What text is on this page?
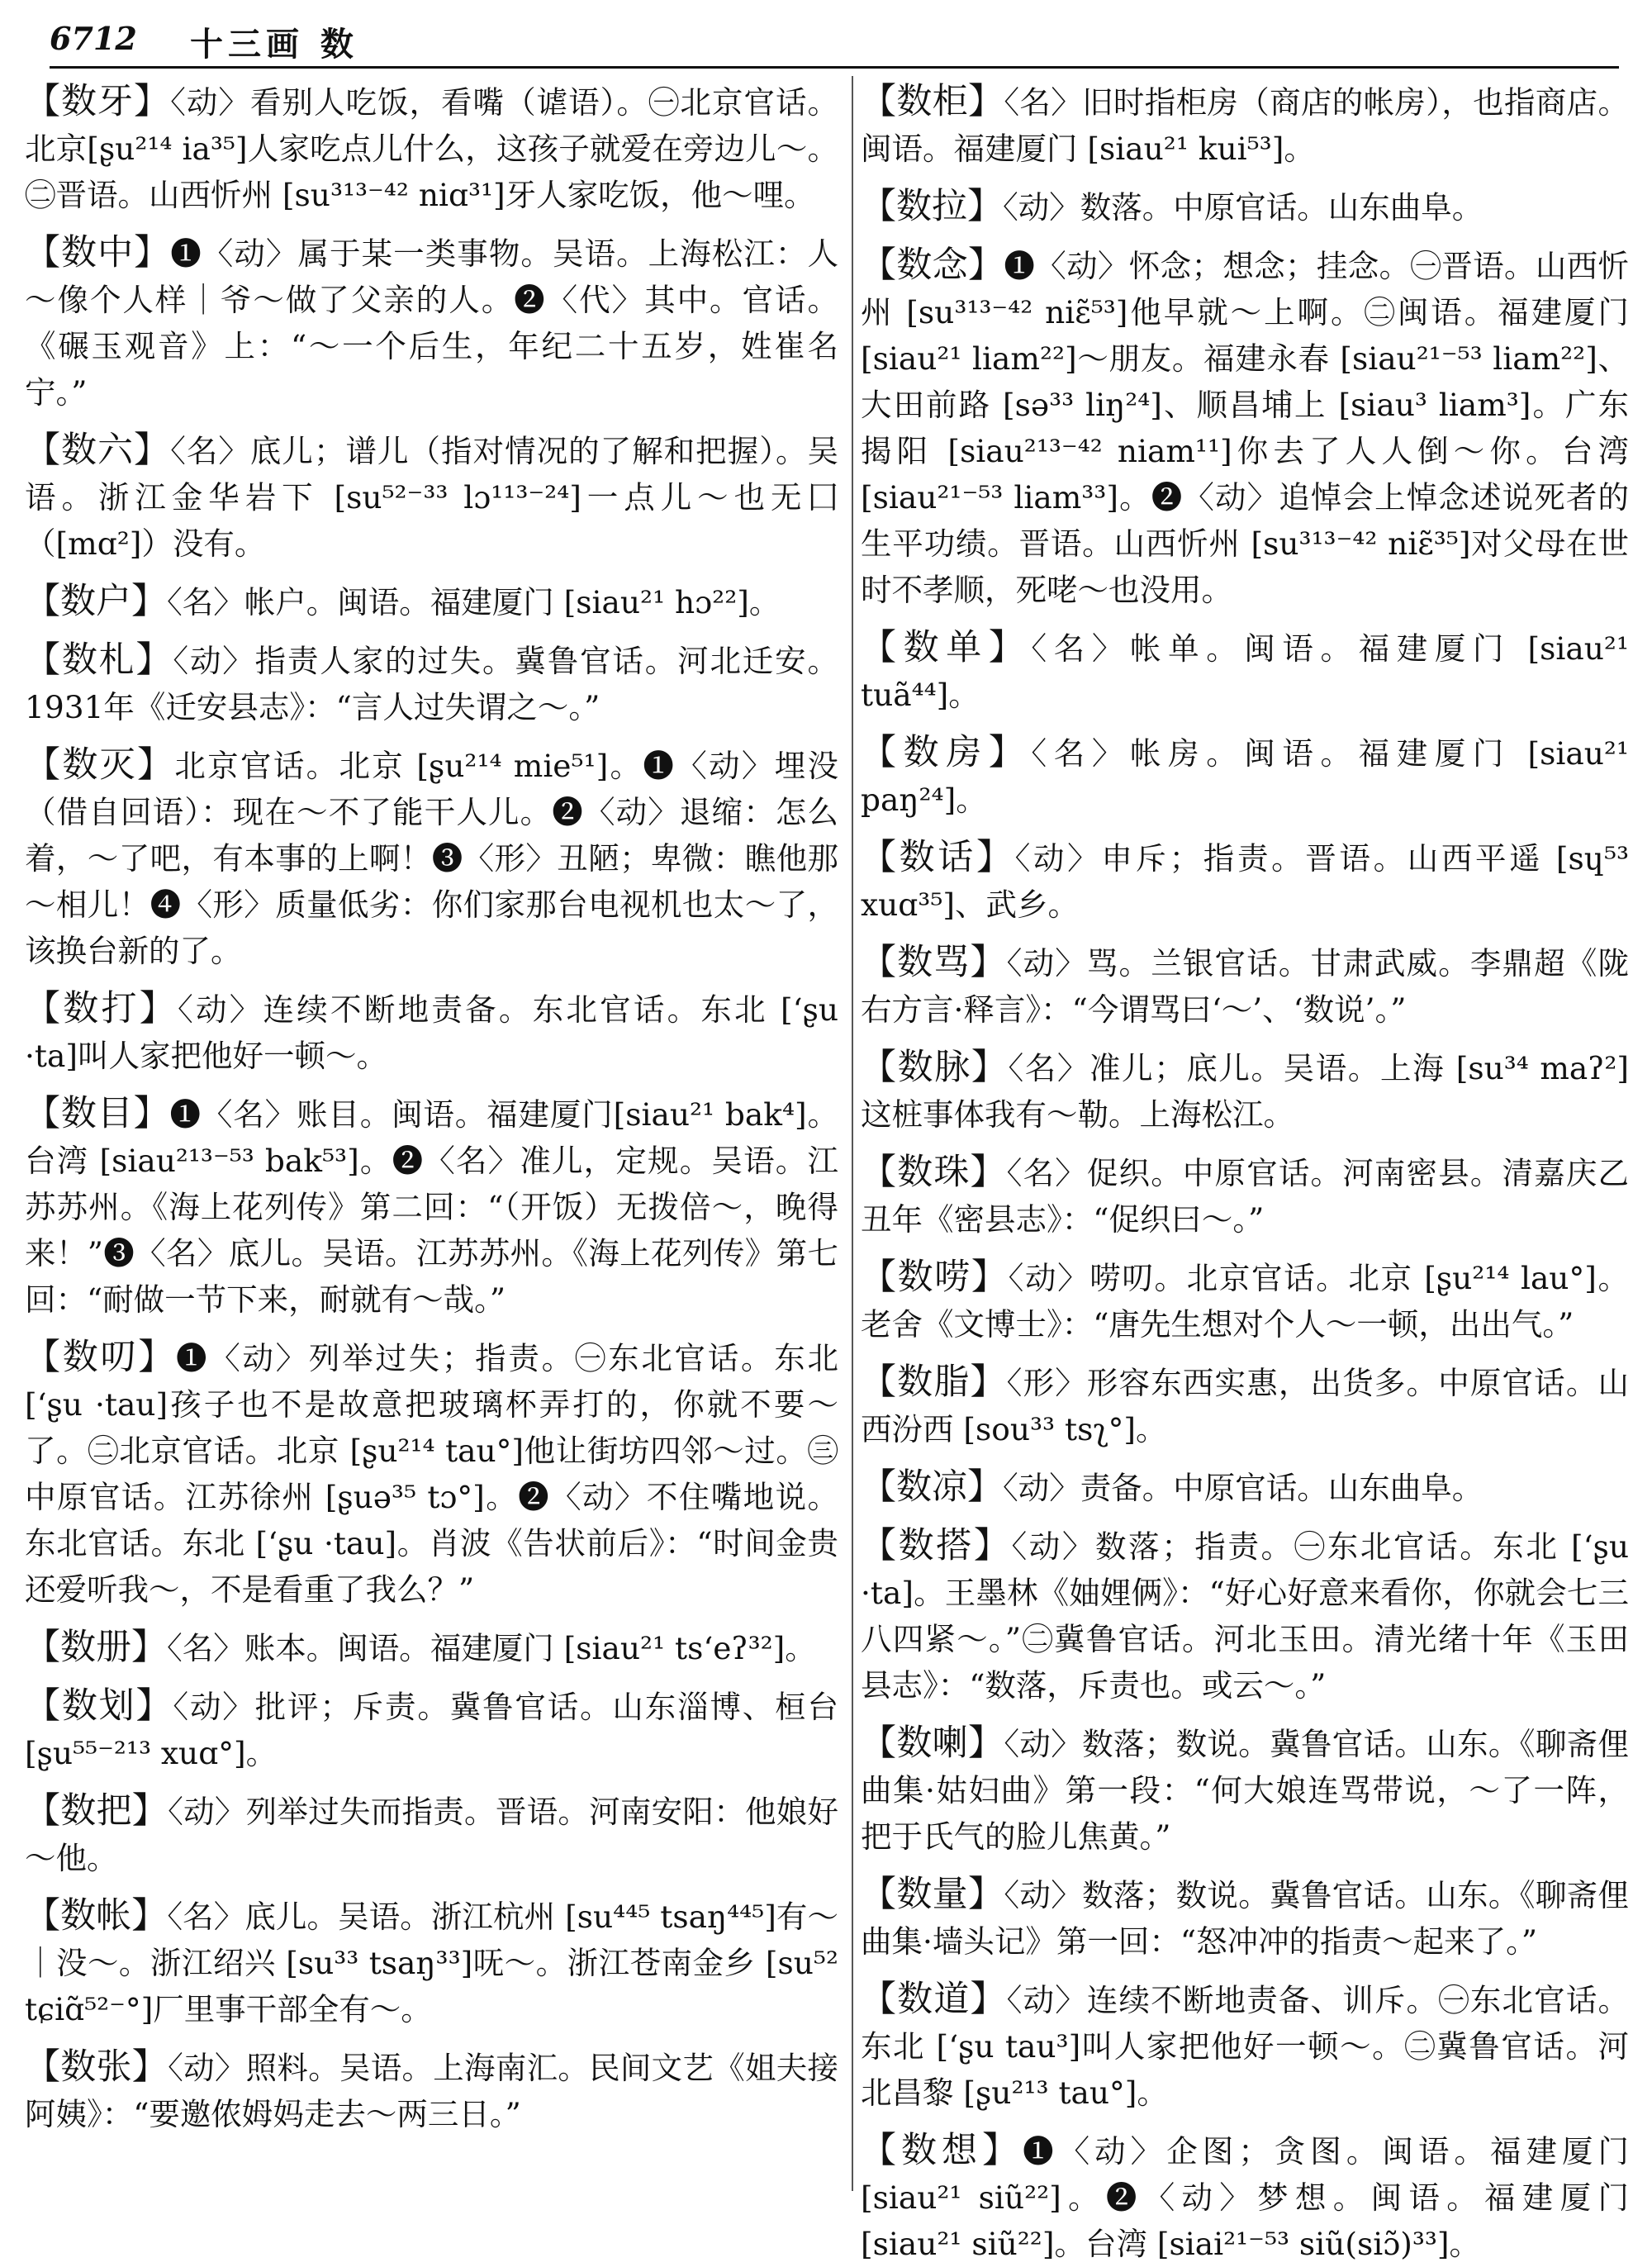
6712 十三画 数

【数牙】〈动〉看别人吃饭，看嘴（谑语）。㊀北京官话。北京[ʂu²¹⁴ ia³⁵]人家吃点儿什么，这孩子就爱在旁边儿～。㊁晋语。山西忻州 [su³¹³⁻⁴² niɑ³¹]牙人家吃饭，他～哩。

【数中】❶〈动〉属于某一类事物。吴语。上海松江：人～像个人样｜爷～做了父亲的人。❷〈代〉其中。官话。《碾玉观音》上：“～一个后生，年纪二十五岁，姓崔名宁。”

【数六】〈名〉底儿；谱儿（指对情况的了解和把握）。吴语。浙江金华岩下 [su⁵²⁻³³ lɔ¹¹³⁻²⁴]一点儿～也无囗（[mɑ²]）没有。

【数户】〈名〉帐户。闽语。福建厦门 [siau²¹ hɔ²²]。

【数札】〈动〉指责人家的过失。冀鲁官话。河北迁安。1931年《迁安县志》：“言人过失谓之～。”

【数灭】北京官话。北京 [ʂu²¹⁴ mie⁵¹]。❶〈动〉埋没（借自回语）：现在～不了能干人儿。❷〈动〉退缩：怎么着，～了吧，有本事的上啊！❸〈形〉丑陋；卑微：瞧他那～相儿！❹〈形〉质量低劣：你们家那台电视机也太～了，该换台新的了。

【数打】〈动〉连续不断地责备。东北官话。东北 [ʻʂu ·ta]叫人家把他好一顿～。

【数目】❶〈名〉账目。闽语。福建厦门[siau²¹ bak⁴]。台湾 [siau²¹³⁻⁵³ bak⁵³]。❷〈名〉准儿，定规。吴语。江苏苏州。《海上花列传》第二回：“（开饭）无拨倍～，晚得来！”❸〈名〉底儿。吴语。江苏苏州。《海上花列传》第七回：“耐做一节下来，耐就有～哉。”

【数叨】❶〈动〉列举过失；指责。㊀东北官话。东北 [ʻʂu ·tau]孩子也不是故意把玻璃杯弄打的，你就不要～了。㊁北京官话。北京 [ʂu²¹⁴ tau°]他让街坊四邻～过。㊂中原官话。江苏徐州 [ʂuə³⁵ tɔ°]。❷〈动〉不住嘴地说。东北官话。东北 [ʻʂu ·tau]。肖波《告状前后》：“时间金贵还爱听我～，不是看重了我么？”

【数册】〈名〉账本。闽语。福建厦门 [siau²¹ tsʻeʔ³²]。

【数划】〈动〉批评；斥责。冀鲁官话。山东淄博、桓台 [ʂu⁵⁵⁻²¹³ xuɑ°]。

【数把】〈动〉列举过失而指责。晋语。河南安阳：他娘好～他。

【数帐】〈名〉底儿。吴语。浙江杭州 [su⁴⁴⁵ tsaŋ⁴⁴⁵]有～｜没～。浙江绍兴 [su³³ tsaŋ³³]呒～。浙江苍南金乡 [su⁵² tɕiɑ̃⁵²⁻°]厂里事干部全有～。

【数张】〈动〉照料。吴语。上海南汇。民间文艺《姐夫接阿姨》：“要邀侬姆妈走去～两三日。”

【数柜】〈名〉旧时指柜房（商店的帐房），也指商店。闽语。福建厦门 [siau²¹ kui⁵³]。

【数拉】〈动〉数落。中原官话。山东曲阜。

【数念】❶〈动〉怀念；想念；挂念。㊀晋语。山西忻州 [su³¹³⁻⁴² niɛ̃⁵³]他早就～上啊。㊁闽语。福建厦门 [siau²¹ liam²²]～朋友。福建永春 [siau²¹⁻⁵³ liam²²]、大田前路 [sə³³ liŋ²⁴]、顺昌埔上 [siau³ liam³]。广东揭阳 [siau²¹³⁻⁴² niam¹¹]你去了人人倒～你。台湾 [siau²¹⁻⁵³ liam³³]。❷〈动〉追悼会上悼念述说死者的生平功绩。晋语。山西忻州 [su³¹³⁻⁴² niɛ̃³⁵]对父母在世时不孝顺，死咾～也没用。

【数单】〈名〉帐单。闽语。福建厦门 [siau²¹ tuã⁴⁴]。

【数房】〈名〉帐房。闽语。福建厦门 [siau²¹ paŋ²⁴]。

【数话】〈动〉申斥；指责。晋语。山西平遥 [sɥ⁵³ xuɑ³⁵]、武乡。

【数骂】〈动〉骂。兰银官话。甘肃武威。李鼎超《陇右方言·释言》：“今谓骂曰‘～’、‘数说’。”

【数脉】〈名〉准儿；底儿。吴语。上海 [su³⁴ maʔ²]这桩事体我有～勒。上海松江。

【数珠】〈名〉促织。中原官话。河南密县。清嘉庆乙丑年《密县志》：“促织曰～。”

【数唠】〈动〉唠叨。北京官话。北京 [ʂu²¹⁴ lau°]。老舍《文博士》：“唐先生想对个人～一顿，出出气。”

【数脂】〈形〉形容东西实惠，出货多。中原官话。山西汾西 [sou³³ tsʅ°]。

【数凉】〈动〉责备。中原官话。山东曲阜。

【数搭】〈动〉数落；指责。㊀东北官话。东北 [ʻʂu ·ta]。王墨林《妯娌俩》：“好心好意来看你，你就会七三八四紧～。”㊁冀鲁官话。河北玉田。清光绪十年《玉田县志》：“数落，斥责也。或云～。”

【数喇】〈动〉数落；数说。冀鲁官话。山东。《聊斋俚曲集·姑妇曲》第一段：“何大娘连骂带说，～了一阵，把于氏气的脸儿焦黄。”

【数量】〈动〉数落；数说。冀鲁官话。山东。《聊斋俚曲集·墙头记》第一回：“怒冲冲的指责～起来了。”

【数道】〈动〉连续不断地责备、训斥。㊀东北官话。东北 [ʻʂu tau³]叫人家把他好一顿～。㊁冀鲁官话。河北昌黎 [ʂu²¹³ tau°]。

【数想】❶〈动〉企图；贪图。闽语。福建厦门 [siau²¹ siũ²²]。❷〈动〉梦想。闽语。福建厦门 [siau²¹ siũ²²]。台湾 [siai²¹⁻⁵³ siũ(siɔ̃)³³]。
